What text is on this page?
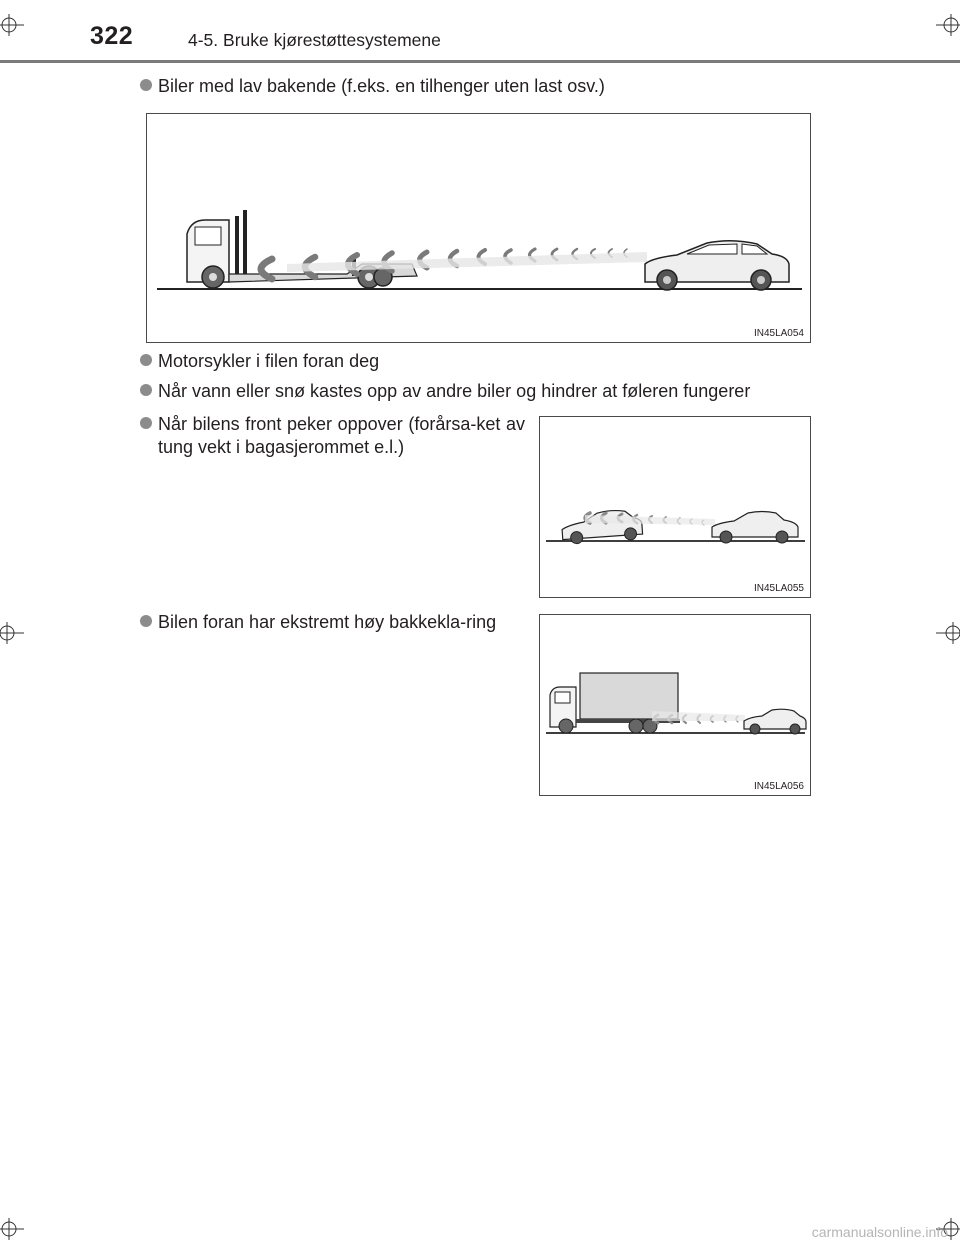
322	4-5. Bruke kjørestøttesystemene
Biler med lav bakende (f.eks. en tilhenger uten last osv.)
IN45LA054
Motorsykler i filen foran deg
Når vann eller snø kastes opp av andre biler og hindrer at føleren fungerer
Når bilens front peker oppover (forårsa-ket av tung vekt i bagasjerommet e.l.)
IN45LA055
Bilen foran har ekstremt høy bakkekla-ring
IN45LA056
carmanualsonline.info
